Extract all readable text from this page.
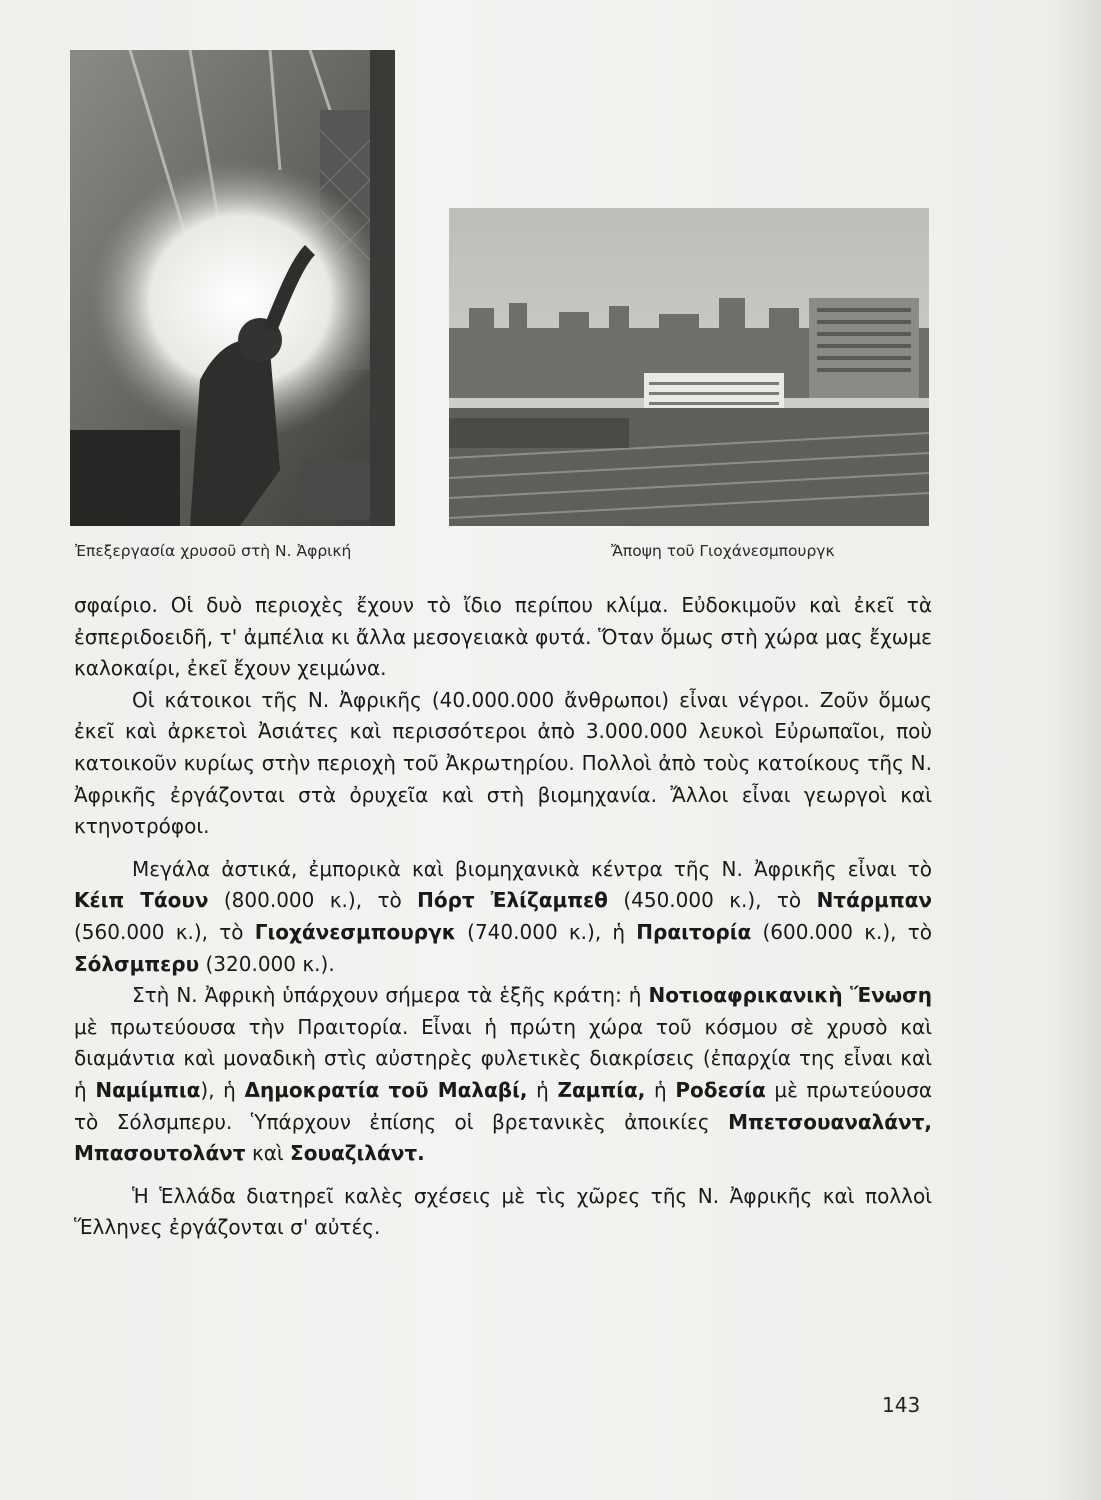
Ἐπεξεργασία χρυσοῦ στὴ Ν. Ἀφρική	Ἄποψη τοῦ Γιοχάνεσμπουργκ

σφαίριο. Οἱ δυὸ περιοχὲς ἔχουν τὸ ἴδιο περίπου κλίμα. Εὐδοκιμοῦν καὶ ἐκεῖ τὰ ἐσπεριδοειδῆ, τ' ἀμπέλια κι ἄλλα μεσογειακὰ φυτά. Ὅταν ὅμως στὴ χώρα μας ἔχωμε καλοκαίρι, ἐκεῖ ἔχουν χειμώνα.

Οἱ κάτοικοι τῆς Ν. Ἀφρικῆς (40.000.000 ἄνθρωποι) εἶναι νέγροι. Ζοῦν ὅμως ἐκεῖ καὶ ἀρκετοὶ Ἀσιάτες καὶ περισσότεροι ἀπὸ 3.000.000 λευκοὶ Εὐρωπαῖοι, ποὺ κατοικοῦν κυρίως στὴν περιοχὴ τοῦ Ἀκρωτηρίου. Πολλοὶ ἀπὸ τοὺς κατοίκους τῆς Ν. Ἀφρικῆς ἐργάζονται στὰ ὀρυχεῖα καὶ στὴ βιομηχανία. Ἄλλοι εἶναι γεωργοὶ καὶ κτηνοτρόφοι.

Μεγάλα ἀστικά, ἐμπορικὰ καὶ βιομηχανικὰ κέντρα τῆς Ν. Ἀφρικῆς εἶναι τὸ Κέιπ Τάουν (800.000 κ.), τὸ Πόρτ Ἐλίζαμπεθ (450.000 κ.), τὸ Ντάρμπαν (560.000 κ.), τὸ Γιοχάνεσμπουργκ (740.000 κ.), ἡ Πραιτορία (600.000 κ.), τὸ Σόλσμπερυ (320.000 κ.).

Στὴ Ν. Ἀφρικὴ ὑπάρχουν σήμερα τὰ ἑξῆς κράτη: ἡ Νοτιοαφρικανικὴ Ἕνωση μὲ πρωτεύουσα τὴν Πραιτορία. Εἶναι ἡ πρώτη χώρα τοῦ κόσμου σὲ χρυσὸ καὶ διαμάντια καὶ μοναδικὴ στὶς αὐστηρὲς φυλετικὲς διακρίσεις (ἐπαρχία της εἶναι καὶ ἡ Ναμίμπια), ἡ Δημοκρατία τοῦ Μαλαβί, ἡ Ζαμπία, ἡ Ροδεσία μὲ πρωτεύουσα τὸ Σόλσμπερυ. Ὑπάρχουν ἐπίσης οἱ βρετανικὲς ἀποικίες Μπετσουαναλάντ, Μπασουτολάντ καὶ Σουαζιλάντ.

Ἡ Ἑλλάδα διατηρεῖ καλὲς σχέσεις μὲ τὶς χῶρες τῆς Ν. Ἀφρικῆς καὶ πολλοὶ Ἕλληνες ἐργάζονται σ' αὐτές.

143
